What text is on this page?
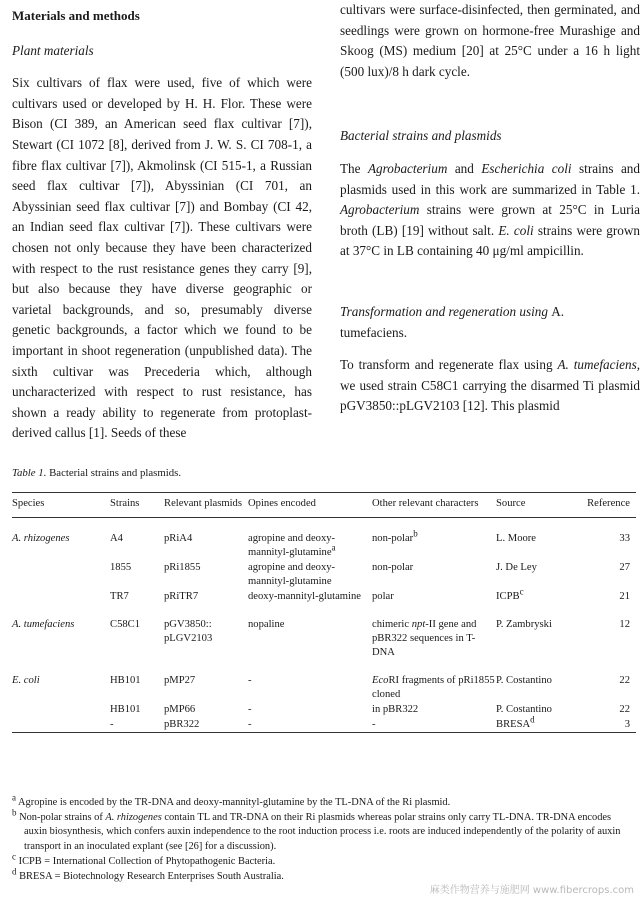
Materials and methods
Plant materials

Six cultivars of flax were used, five of which were cultivars used or developed by H. H. Flor. These were Bison (CI 389, an American seed flax cultivar [7]), Stewart (CI 1072 [8], derived from J. W. S. CI 708-1, a fibre flax cultivar [7]), Akmolinsk (CI 515-1, a Russian seed flax cultivar [7]), Abyssinian (CI 701, an Abyssinian seed flax cultivar [7]) and Bombay (CI 42, an Indian seed flax cultivar [7]). These cultivars were chosen not only because they have been characterized with respect to the rust resistance genes they carry [9], but also because they have diverse geographic or varietal backgrounds, and so, presumably diverse genetic backgrounds, a factor which we found to be important in shoot regeneration (unpublished data). The sixth cultivar was Precederia which, although uncharacterized with respect to rust resistance, has shown a ready ability to regenerate from protoplast-derived callus [1]. Seeds of these

cultivars were surface-disinfected, then germinated, and seedlings were grown on hormone-free Murashige and Skoog (MS) medium [20] at 25°C under a 16 h light (500 lux)/8 h dark cycle.

Bacterial strains and plasmids

The Agrobacterium and Escherichia coli strains and plasmids used in this work are summarized in Table 1. Agrobacterium strains were grown at 25°C in Luria broth (LB) [19] without salt. E. coli strains were grown at 37°C in LB containing 40 μg/ml ampicillin.

Transformation and regeneration using A.
tumefaciens.

To transform and regenerate flax using A. tumefaciens, we used strain C58C1 carrying the disarmed Ti plasmid pGV3850::pLGV2103 [12]. This plasmid

Table 1. Bacterial strains and plasmids.
Species	Strains	Relevant plasmids	Opines encoded	Other relevant characters	Source	Reference
A. rhizogenes	A4	pRiA4	agropine and deoxy-mannityl-glutamine$^a$	non-polar$^b$	L. Moore	33
	1855	pRi1855	agropine and deoxy-mannityl-glutamine	non-polar	J. De Ley	27
	TR7	pRiTR7	deoxy-mannityl-glutamine	polar	ICPB$^c$	21
A. tumefaciens	C58C1	pGV3850:: pLGV2103	nopaline	chimeric npt-II gene and pBR322 sequences in T-DNA	P. Zambryski	12
E. coli	HB101	pMP27	-	EcoRI fragments of pRi1855 cloned	P. Costantino	22
	HB101	pMP66	-	in pBR322	P. Costantino	22
	-	pBR322	-	-	BRESA$^d$	3

a Agropine is encoded by the TR-DNA and deoxy-mannityl-glutamine by the TL-DNA of the Ri plasmid.

b Non-polar strains of A. rhizogenes contain TL and TR-DNA on their Ri plasmids whereas polar strains only carry TL-DNA. TR-DNA encodes auxin biosynthesis, which confers auxin independence to the root induction process i.e. roots are induced independently of the polarity of auxin transport in an inoculated explant (see [26] for a discussion).

c ICPB = International Collection of Phytopathogenic Bacteria.

d BRESA = Biotechnology Research Enterprises South Australia.

麻类作物营养与施肥网 www.fibercrops.com
